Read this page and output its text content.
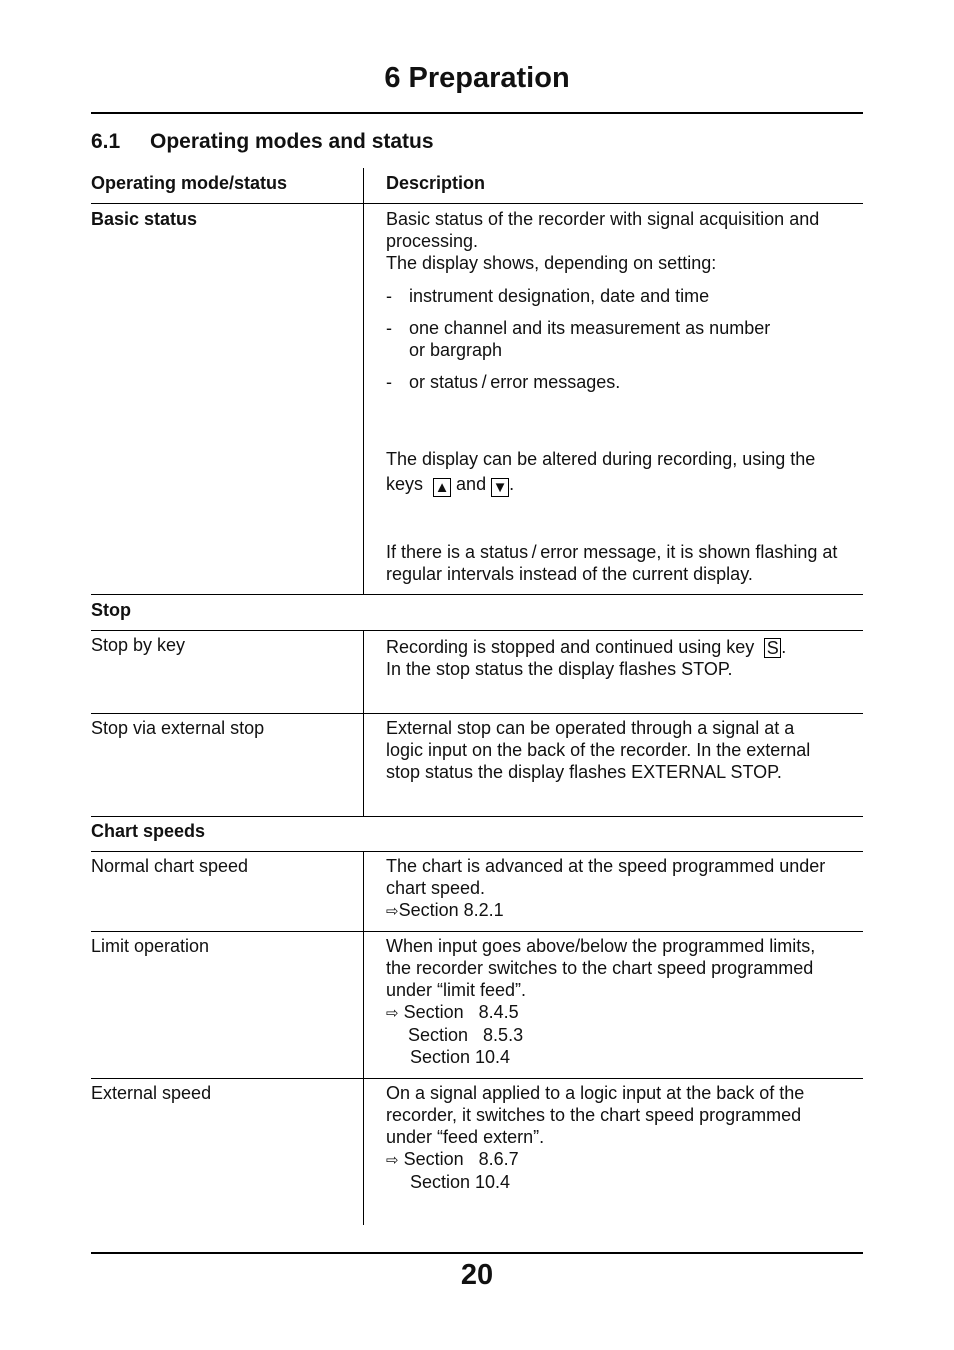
6 Preparation
6.1 Operating modes and status
Operating mode/status	Description
Basic status	Basic status of the recorder with signal acquisition and
processing.
The display shows, depending on setting:
- instrument designation, date and time
- one channel and its measurement as number
or bargraph
- or status / error messages.
The display can be altered during recording, using the
keys ▲ and ▼.
If there is a status / error message, it is shown flashing at
regular intervals instead of the current display.
Stop
Stop by key	Recording is stopped and continued using key S .
In the stop status the display flashes STOP.
Stop via external stop	External stop can be operated through a signal at a
logic input on the back of the recorder. In the external
stop status the display flashes EXTERNAL STOP.
Chart speeds
Normal chart speed	The chart is advanced at the speed programmed under
chart speed.
⇨Section 8.2.1
Limit operation	When input goes above/below the programmed limits,
the recorder switches to the chart speed programmed
under “limit feed”.
⇨ Section   8.4.5
Section   8.5.3
Section 10.4
External speed	On a signal applied to a logic input at the back of the
recorder, it switches to the chart speed programmed
under “feed extern”.
⇨ Section   8.6.7
Section 10.4
20
